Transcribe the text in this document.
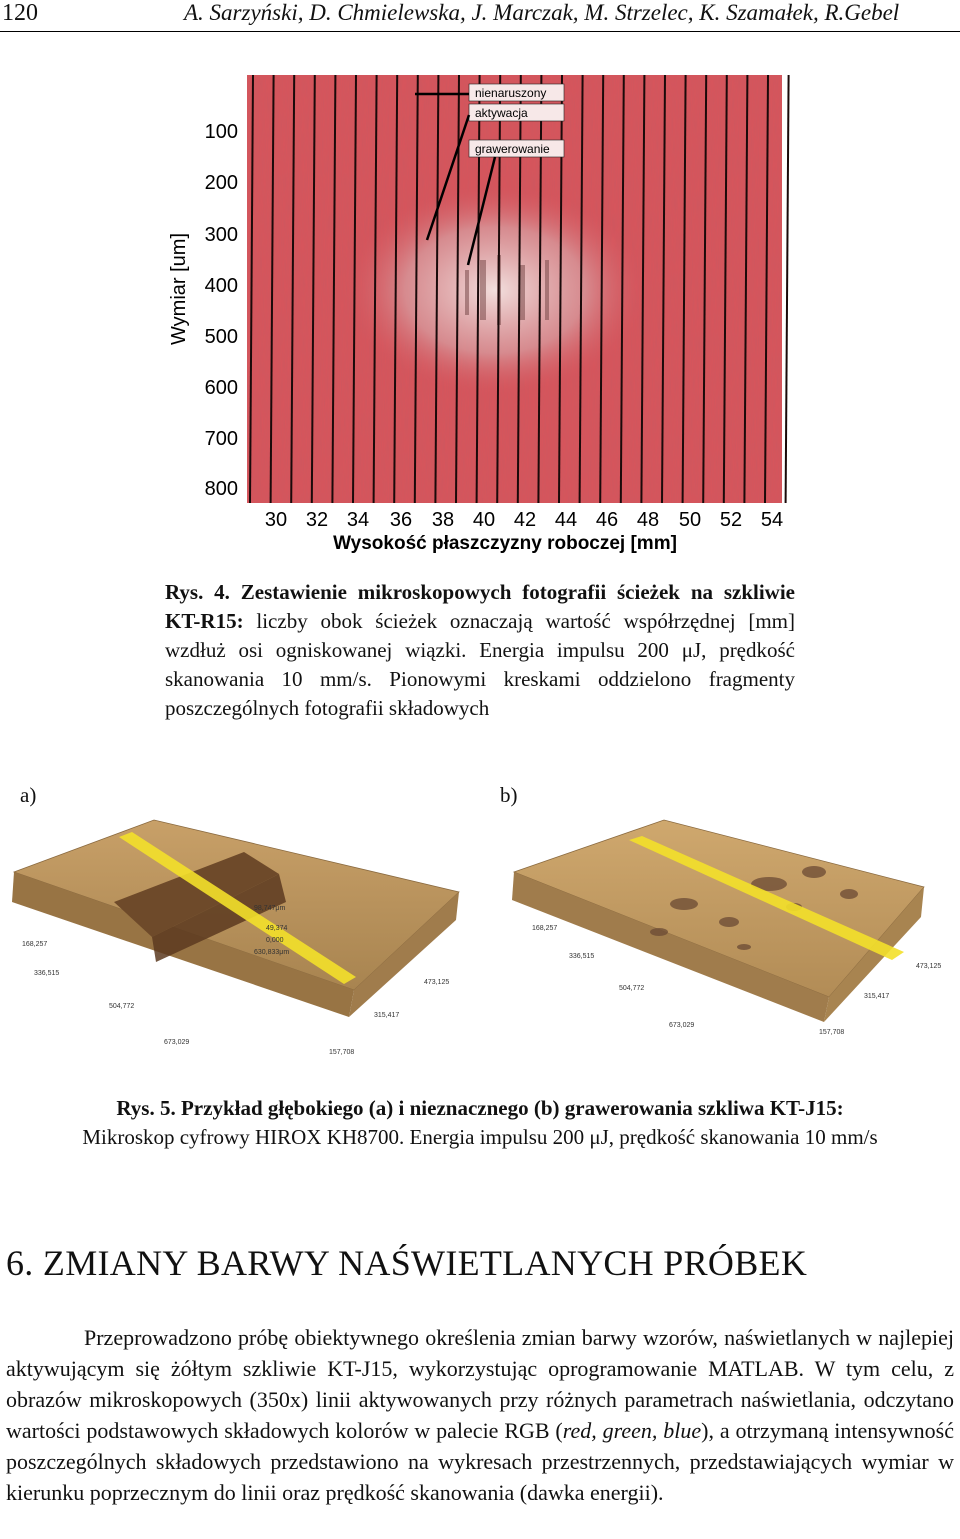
120	A. Sarzyński, D. Chmielewska, J. Marczak, M. Strzelec, K. Szamałek, R.Gebel
nienaruszony
aktywacja
grawerowanie
100
200
300
400
500
600
700
800
Wymiar [um]
30 32 34 36 38 40 42 44 46 48 50 52 54
Wysokość płaszczyzny roboczej [mm]
Rys. 4. Zestawienie mikroskopowych fotografii ścieżek na szkliwie KT-R15: liczby obok ścieżek oznaczają wartość współrzędnej [mm] wzdłuż osi ogniskowanej wiązki. Energia impulsu 200 μJ, prędkość skanowania 10 mm/s. Pionowymi kreskami oddzielono fragmenty poszczególnych fotografii składowych
a)	b)
98,747μm
49,374
0,000
630,833μm
168,257
336,515
504,772
673,029
157,708
315,417
473,125
168,257
336,515
504,772
673,029
157,708
315,417
473,125
Rys. 5. Przykład głębokiego (a) i nieznacznego (b) grawerowania szkliwa KT-J15:
Mikroskop cyfrowy HIROX KH8700. Energia impulsu 200 μJ, prędkość skanowania 10 mm/s
6. ZMIANY BARWY NAŚWIETLANYCH PRÓBEK

Przeprowadzono próbę obiektywnego określenia zmian barwy wzorów, naświetlanych w najlepiej aktywującym się żółtym szkliwie KT-J15, wykorzystując oprogramowanie MATLAB. W tym celu, z obrazów mikroskopowych (350x) linii aktywowanych przy różnych parametrach naświetlania, odczytano wartości podstawowych składowych kolorów w palecie RGB (red, green, blue), a otrzymaną intensywność poszczególnych składowych przedstawiono na wykresach przestrzennych, przedstawiających wymiar w kierunku poprzecznym do linii oraz prędkość skanowania (dawka energii).
